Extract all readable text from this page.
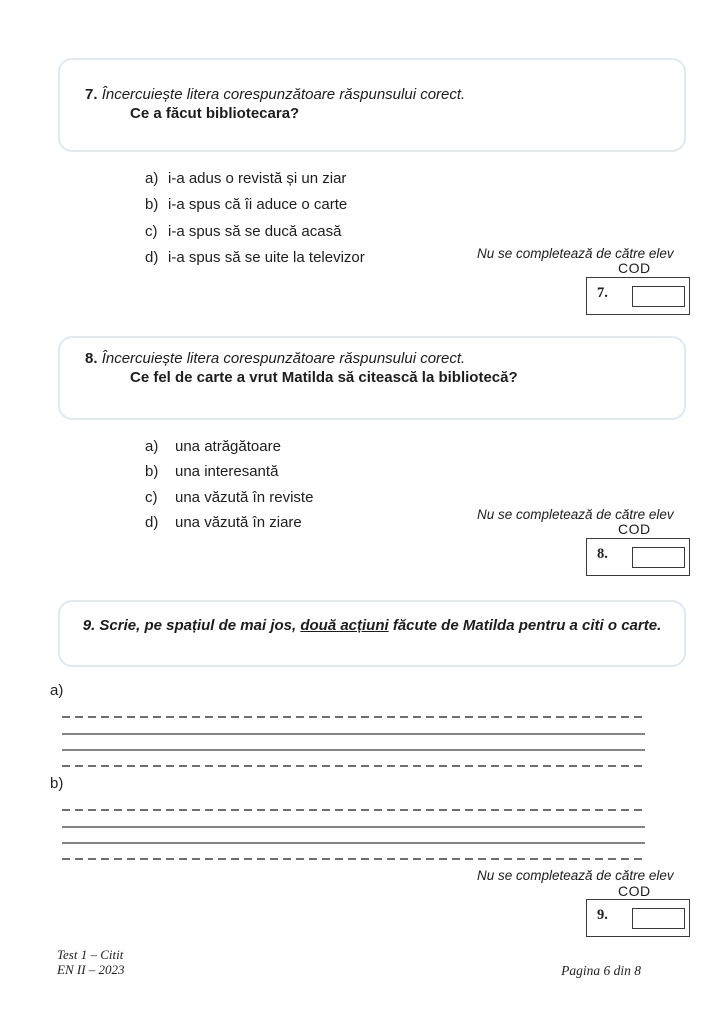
7. Încercuiește litera corespunzătoare răspunsului corect.
Ce a făcut bibliotecara?
a) i-a adus o revistă și un ziar
b) i-a spus că îi aduce o carte
c) i-a spus să se ducă acasă
d) i-a spus să se uite la televizor	Nu se completează de către elev
COD
7.
8. Încercuiește litera corespunzătoare răspunsului corect.
Ce fel de carte a vrut Matilda să citească la bibliotecă?
a) una atrăgătoare
b) una interesantă
c) una văzută în reviste
d) una văzută în ziare	Nu se completează de către elev
COD
8.
9. Scrie, pe spațiul de mai jos, două acțiuni făcute de Matilda pentru a citi o carte.
a)
b)
Nu se completează de către elev
COD
9.
Test 1 – Citit
EN II – 2023	Pagina 6 din 8
